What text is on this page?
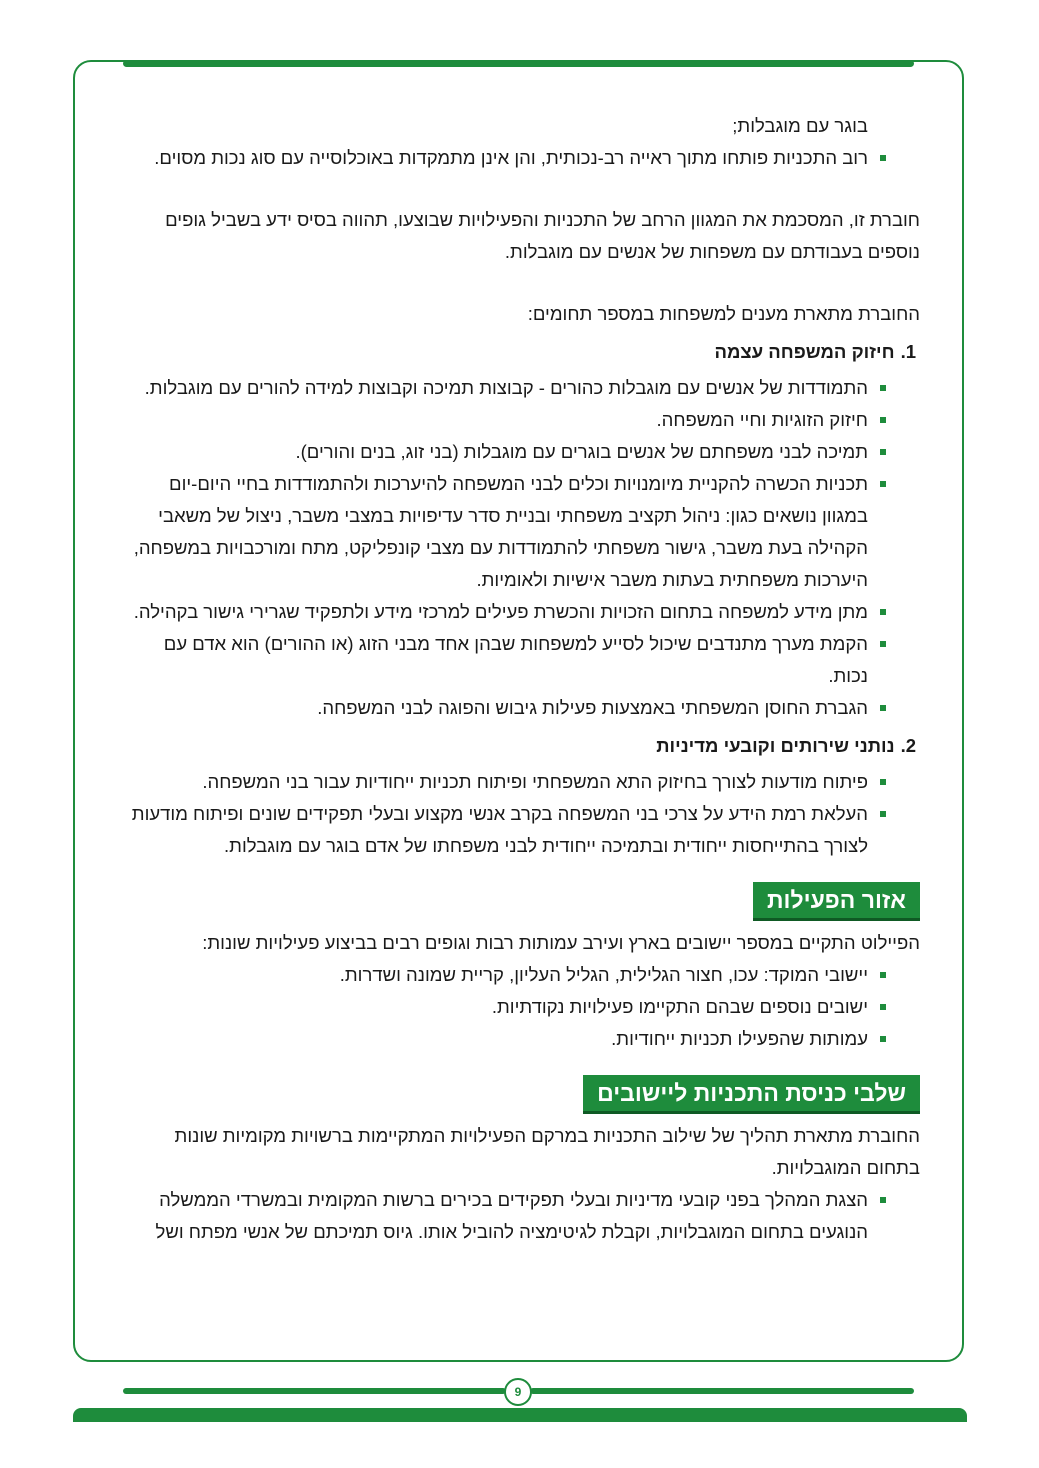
בוגר עם מוגבלות;

רוב התכניות פותחו מתוך ראייה רב-נכותית, והן אינן מתמקדות באוכלוסייה עם סוג נכות מסוים.

חוברת זו, המסכמת את המגוון הרחב של התכניות והפעילויות שבוצעו, תהווה בסיס ידע בשביל גופים נוספים בעבודתם עם משפחות של אנשים עם מוגבלות.

החוברת מתארת מענים למשפחות במספר תחומים:

1.חיזוק המשפחה עצמה
התמודדות של אנשים עם מוגבלות כהורים - קבוצות תמיכה וקבוצות למידה להורים עם מוגבלות.
חיזוק הזוגיות וחיי המשפחה.
תמיכה לבני משפחתם של אנשים בוגרים עם מוגבלות (בני זוג, בנים והורים).
תכניות הכשרה להקניית מיומנויות וכלים לבני המשפחה להיערכות ולהתמודדות בחיי היום-יום במגוון נושאים כגון: ניהול תקציב משפחתי ובניית סדר עדיפויות במצבי משבר, ניצול של משאבי הקהילה בעת משבר, גישור משפחתי להתמודדות עם מצבי קונפליקט, מתח ומורכבויות במשפחה, היערכות משפחתית בעתות משבר אישיות ולאומיות.
מתן מידע למשפחה בתחום הזכויות והכשרת פעילים למרכזי מידע ולתפקיד שגרירי גישור בקהילה.
הקמת מערך מתנדבים שיכול לסייע למשפחות שבהן אחד מבני הזוג (או ההורים) הוא אדם עם נכות.
הגברת החוסן המשפחתי באמצעות פעילות גיבוש והפוגה לבני המשפחה.
2.נותני שירותים וקובעי מדיניות
פיתוח מודעות לצורך בחיזוק התא המשפחתי ופיתוח תכניות ייחודיות עבור בני המשפחה.
העלאת רמת הידע על צרכי בני המשפחה בקרב אנשי מקצוע ובעלי תפקידים שונים ופיתוח מודעות לצורך בהתייחסות ייחודית ובתמיכה ייחודית לבני משפחתו של אדם בוגר עם מוגבלות.
אזור הפעילות

הפיילוט התקיים במספר יישובים בארץ ועירב עמותות רבות וגופים רבים בביצוע פעילויות שונות:

יישובי המוקד: עכו, חצור הגלילית, הגליל העליון, קריית שמונה ושדרות.
ישובים נוספים שבהם התקיימו פעילויות נקודתיות.
עמותות שהפעילו תכניות ייחודיות.
שלבי כניסת התכניות ליישובים

החוברת מתארת תהליך של שילוב התכניות במרקם הפעילויות המתקיימות ברשויות מקומיות שונות בתחום המוגבלויות.

הצגת המהלך בפני קובעי מדיניות ובעלי תפקידים בכירים ברשות המקומית ובמשרדי הממשלה הנוגעים בתחום המוגבלויות, וקבלת לגיטימציה להוביל אותו. גיוס תמיכתם של אנשי מפתח ושל
9
